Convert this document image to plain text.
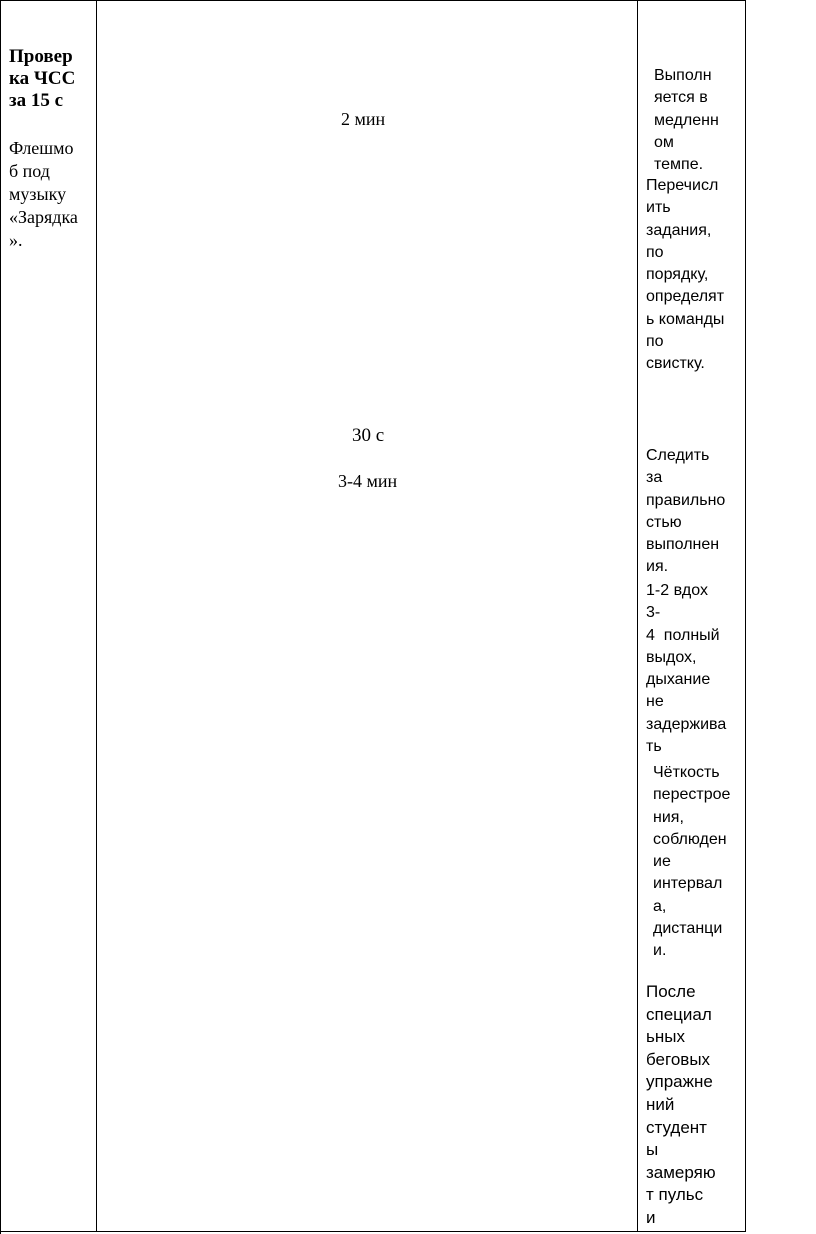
Провер
ка ЧСС
за 15 с
Флешмо
б под
музыку
«Зарядка
».
2 мин
30 с
3-4 мин
Выполн
яется в
медленн
ом
темпе.
Перечисл
ить
задания,
по
порядку,
определят
ь команды
по
свистку.
Следить
за
правильно
стью
выполнен
ия.
1-2 вдох
3-
4  полный
выдох,
дыхание
не
задержива
ть
Чёткость
перестрое
ния,
соблюден
ие
интервал
а,
дистанци
и.
После
специал
ьных
беговых
упражне
ний
студент
ы
замеряю
т пульс
и
